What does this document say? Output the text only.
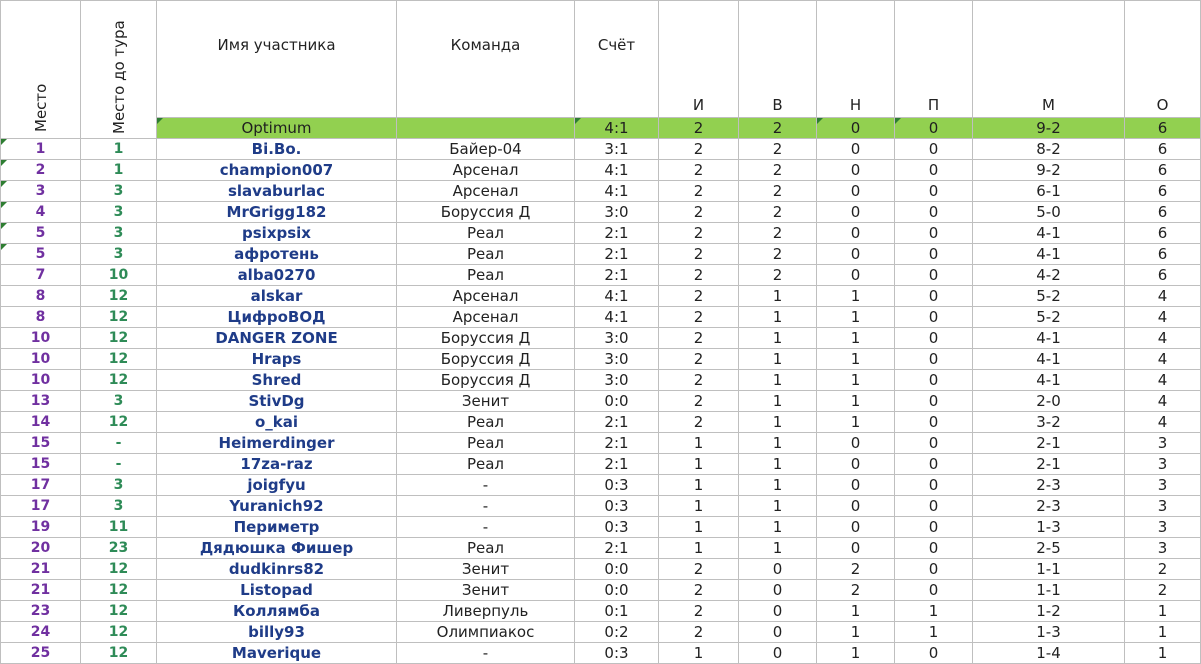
Место	Место до тура	Имя участника	Команда	Счёт	И	В	Н	П	М	О
		Optimum		4:1	2	2	0	0	9-2	6
1	1	Bi.Bo.	Байер-04	3:1	2	2	0	0	8-2	6
2	1	champion007	Арсенал	4:1	2	2	0	0	9-2	6
3	3	slavaburlac	Арсенал	4:1	2	2	0	0	6-1	6
4	3	MrGrigg182	Боруссия Д	3:0	2	2	0	0	5-0	6
5	3	psixpsix	Реал	2:1	2	2	0	0	4-1	6
5	3	афротень	Реал	2:1	2	2	0	0	4-1	6
7	10	alba0270	Реал	2:1	2	2	0	0	4-2	6
8	12	alskar	Арсенал	4:1	2	1	1	0	5-2	4
8	12	ЦифроВОД	Арсенал	4:1	2	1	1	0	5-2	4
10	12	DANGER ZONE	Боруссия Д	3:0	2	1	1	0	4-1	4
10	12	Hraps	Боруссия Д	3:0	2	1	1	0	4-1	4
10	12	Shred	Боруссия Д	3:0	2	1	1	0	4-1	4
13	3	StivDg	Зенит	0:0	2	1	1	0	2-0	4
14	12	o_kai	Реал	2:1	2	1	1	0	3-2	4
15	-	Heimerdinger	Реал	2:1	1	1	0	0	2-1	3
15	-	17za-raz	Реал	2:1	1	1	0	0	2-1	3
17	3	joigfyu	-	0:3	1	1	0	0	2-3	3
17	3	Yuranich92	-	0:3	1	1	0	0	2-3	3
19	11	Периметр	-	0:3	1	1	0	0	1-3	3
20	23	Дядюшка Фишер	Реал	2:1	1	1	0	0	2-5	3
21	12	dudkinrs82	Зенит	0:0	2	0	2	0	1-1	2
21	12	Listopad	Зенит	0:0	2	0	2	0	1-1	2
23	12	Коллямба	Ливерпуль	0:1	2	0	1	1	1-2	1
24	12	billy93	Олимпиакос	0:2	2	0	1	1	1-3	1
25	12	Maverique	-	0:3	1	0	1	0	1-4	1
